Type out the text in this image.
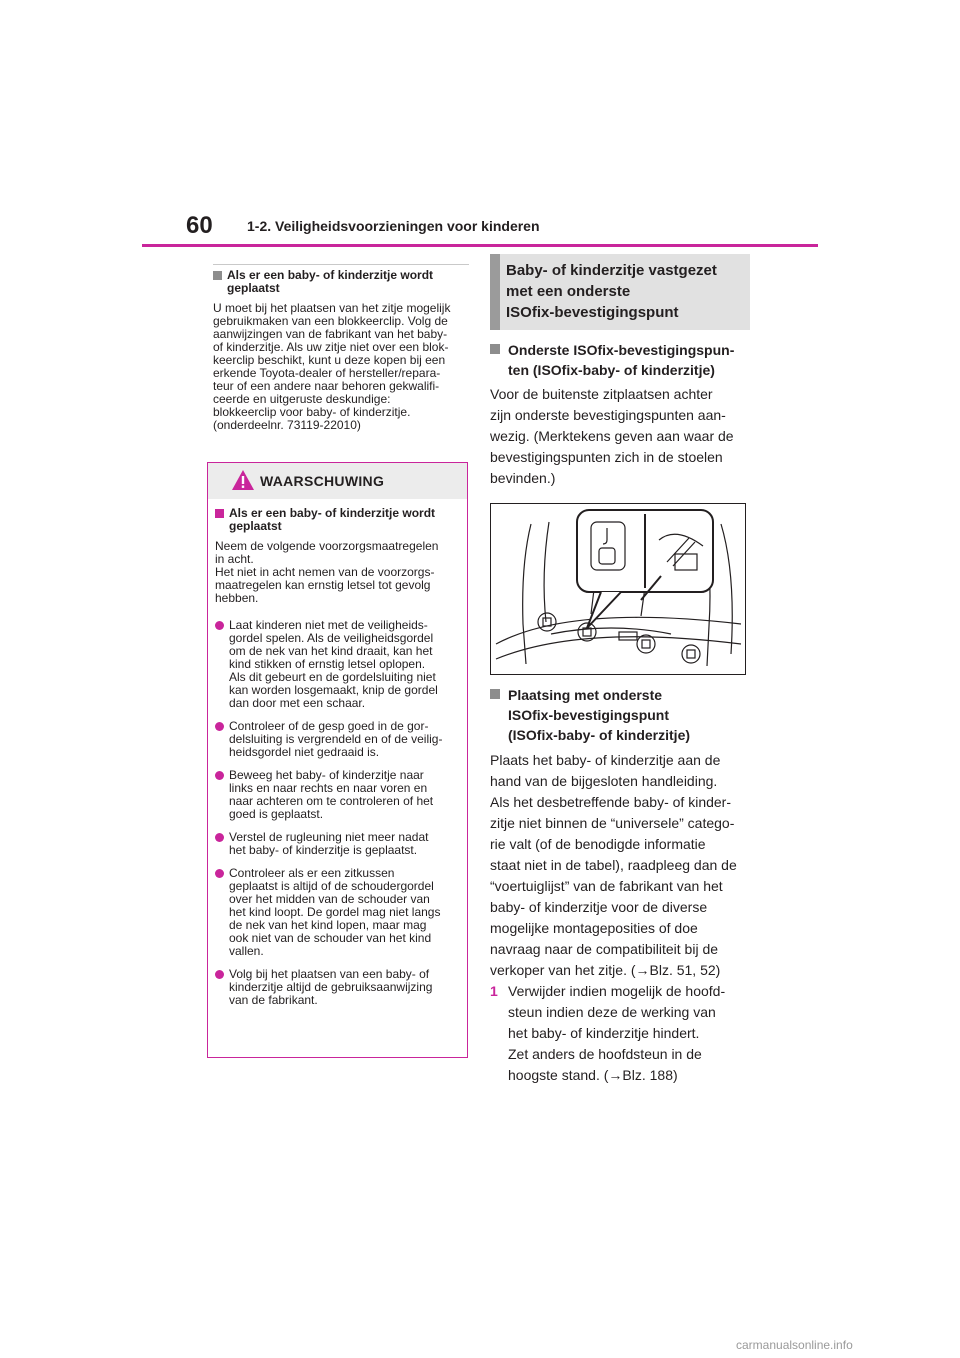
60 1-2. Veiligheidsvoorzieningen voor kinderen
Als er een baby- of kinderzitje wordt geplaatst
U moet bij het plaatsen van het zitje mogelijk
gebruikmaken van een blokkeerclip. Volg de
aanwijzingen van de fabrikant van het baby-
of kinderzitje. Als uw zitje niet over een blok-
keerclip beschikt, kunt u deze kopen bij een
erkende Toyota-dealer of hersteller/repara-
teur of een andere naar behoren gekwalifi-
ceerde en uitgeruste deskundige:
blokkeerclip voor baby- of kinderzitje.
(onderdeelnr. 73119-22010)
WAARSCHUWING
Als er een baby- of kinderzitje wordt geplaatst
Neem de volgende voorzorgsmaatregelen
in acht.
Het niet in acht nemen van de voorzorgs-
maatregelen kan ernstig letsel tot gevolg
hebben.
Laat kinderen niet met de veiligheids-
gordel spelen. Als de veiligheidsgordel
om de nek van het kind draait, kan het
kind stikken of ernstig letsel oplopen.
Als dit gebeurt en de gordelsluiting niet
kan worden losgemaakt, knip de gordel
dan door met een schaar.
Controleer of de gesp goed in de gor-
delsluiting is vergrendeld en of de veilig-
heidsgordel niet gedraaid is.
Beweeg het baby- of kinderzitje naar
links en naar rechts en naar voren en
naar achteren om te controleren of het
goed is geplaatst.
Verstel de rugleuning niet meer nadat
het baby- of kinderzitje is geplaatst.
Controleer als er een zitkussen
geplaatst is altijd of de schoudergordel
over het midden van de schouder van
het kind loopt. De gordel mag niet langs
de nek van het kind lopen, maar mag
ook niet van de schouder van het kind
vallen.
Volg bij het plaatsen van een baby- of
kinderzitje altijd de gebruiksaanwijzing
van de fabrikant.
Baby- of kinderzitje vastgezet
met een onderste
ISOfix-bevestigingspunt
Onderste ISOfix-bevestigingspun-
ten (ISOfix-baby- of kinderzitje)
Voor de buitenste zitplaatsen achter
zijn onderste bevestigingspunten aan-
wezig. (Merktekens geven aan waar de
bevestigingspunten zich in de stoelen
bevinden.)
Plaatsing met onderste
ISOfix-bevestigingspunt
(ISOfix-baby- of kinderzitje)
Plaats het baby- of kinderzitje aan de
hand van de bijgesloten handleiding.
Als het desbetreffende baby- of kinder-
zitje niet binnen de “universele” catego-
rie valt (of de benodigde informatie
staat niet in de tabel), raadpleeg dan de
“voertuiglijst” van de fabrikant van het
baby- of kinderzitje voor de diverse
mogelijke montageposities of doe
navraag naar de compatibiliteit bij de
verkoper van het zitje. (→Blz. 51, 52)
1 Verwijder indien mogelijk de hoofd-
steun indien deze de werking van
het baby- of kinderzitje hindert.
Zet anders de hoofdsteun in de
hoogste stand. (→Blz. 188)
carmanualsonline.info
